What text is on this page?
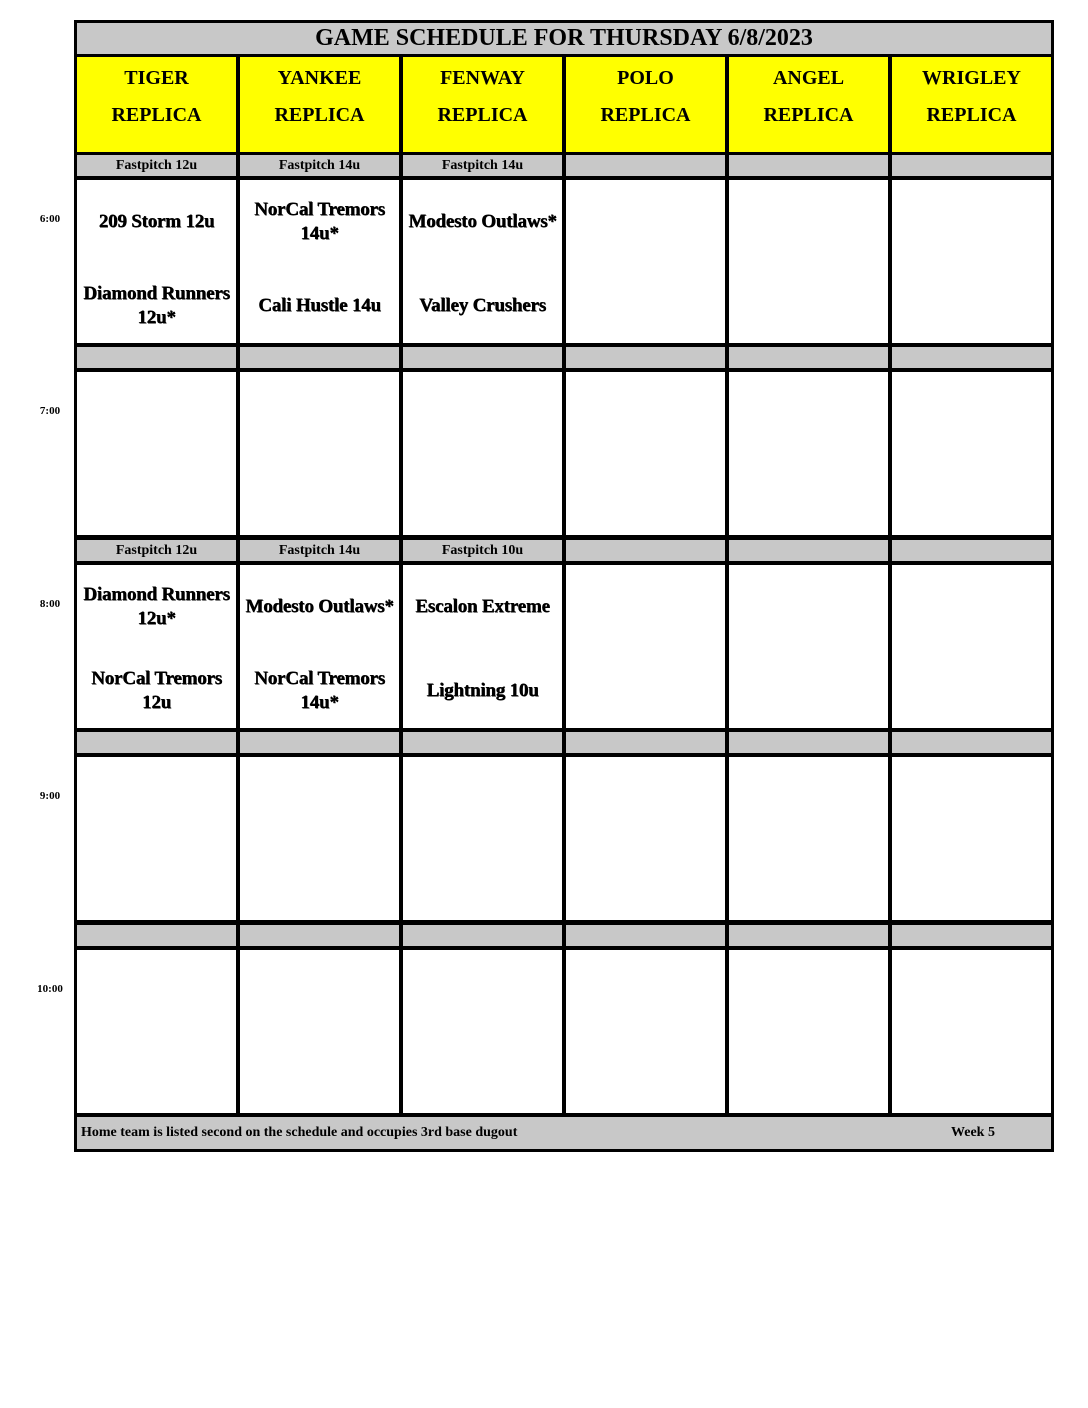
GAME SCHEDULE FOR THURSDAY 6/8/2023
TIGER
REPLICA
YANKEE
REPLICA
FENWAY
REPLICA
POLO
REPLICA
ANGEL
REPLICA
WRIGLEY
REPLICA
Fastpitch 12u
209 Storm 12u
Diamond Runners 12u*
Fastpitch 14u
NorCal Tremors 14u*
Cali Hustle 14u
Fastpitch 14u
Modesto Outlaws*
Valley Crushers
Fastpitch 12u
Diamond Runners 12u*
NorCal Tremors 12u
Fastpitch 14u
Modesto Outlaws*
NorCal Tremors 14u*
Fastpitch 10u
Escalon Extreme
Lightning 10u
Home team is listed second on the schedule and occupies 3rd base dugout	Week 5
6:00
7:00
8:00
9:00
10:00
